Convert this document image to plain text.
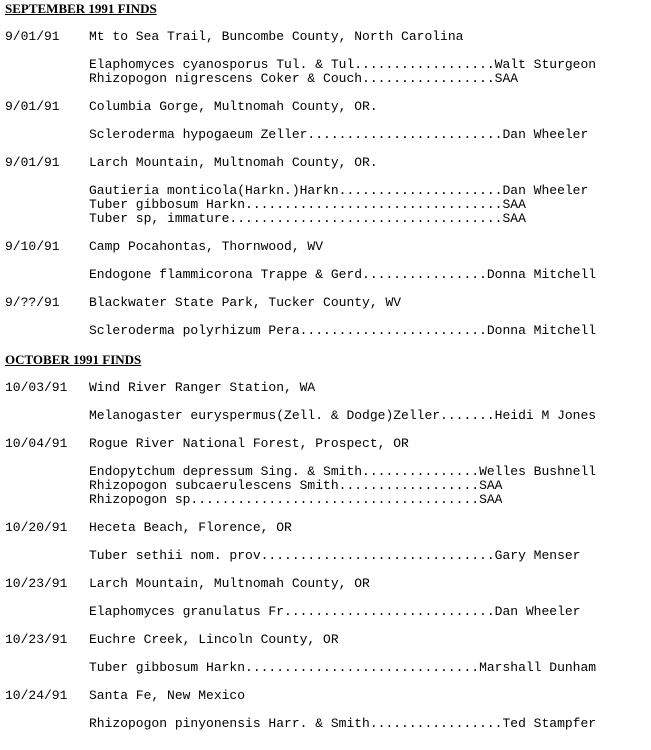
SEPTEMBER 1991 FINDS
9/01/91 Mt to Sea Trail, Buncombe County, North Carolina
Elaphomyces cyanosporus Tul. & Tul..................Walt Sturgeon
Rhizopogon nigrescens Coker & Couch.................SAA
9/01/91 Columbia Gorge, Multnomah County, OR.
Scleroderma hypogaeum Zeller.........................Dan Wheeler
9/01/91 Larch Mountain, Multnomah County, OR.
Gautieria monticola(Harkn.)Harkn.....................Dan Wheeler
Tuber gibbosum Harkn.................................SAA
Tuber sp, immature...................................SAA
9/10/91 Camp Pocahontas, Thornwood, WV
Endogone flammicorona Trappe & Gerd................Donna Mitchell
9/??/91 Blackwater State Park, Tucker County, WV
Scleroderma polyrhizum Pera........................Donna Mitchell
OCTOBER 1991 FINDS
10/03/91 Wind River Ranger Station, WA
Melanogaster euryspermus(Zell. & Dodge)Zeller.......Heidi M Jones
10/04/91 Rogue River National Forest, Prospect, OR
Endopytchum depressum Sing. & Smith...............Welles Bushnell
Rhizopogon subcaerulescens Smith..................SAA
Rhizopogon sp.....................................SAA
10/20/91 Heceta Beach, Florence, OR
Tuber sethii nom. prov..............................Gary Menser
10/23/91 Larch Mountain, Multnomah County, OR
Elaphomyces granulatus Fr...........................Dan Wheeler
10/23/91 Euchre Creek, Lincoln County, OR
Tuber gibbosum Harkn..............................Marshall Dunham
10/24/91 Santa Fe, New Mexico
Rhizopogon pinyonensis Harr. & Smith.................Ted Stampfer
